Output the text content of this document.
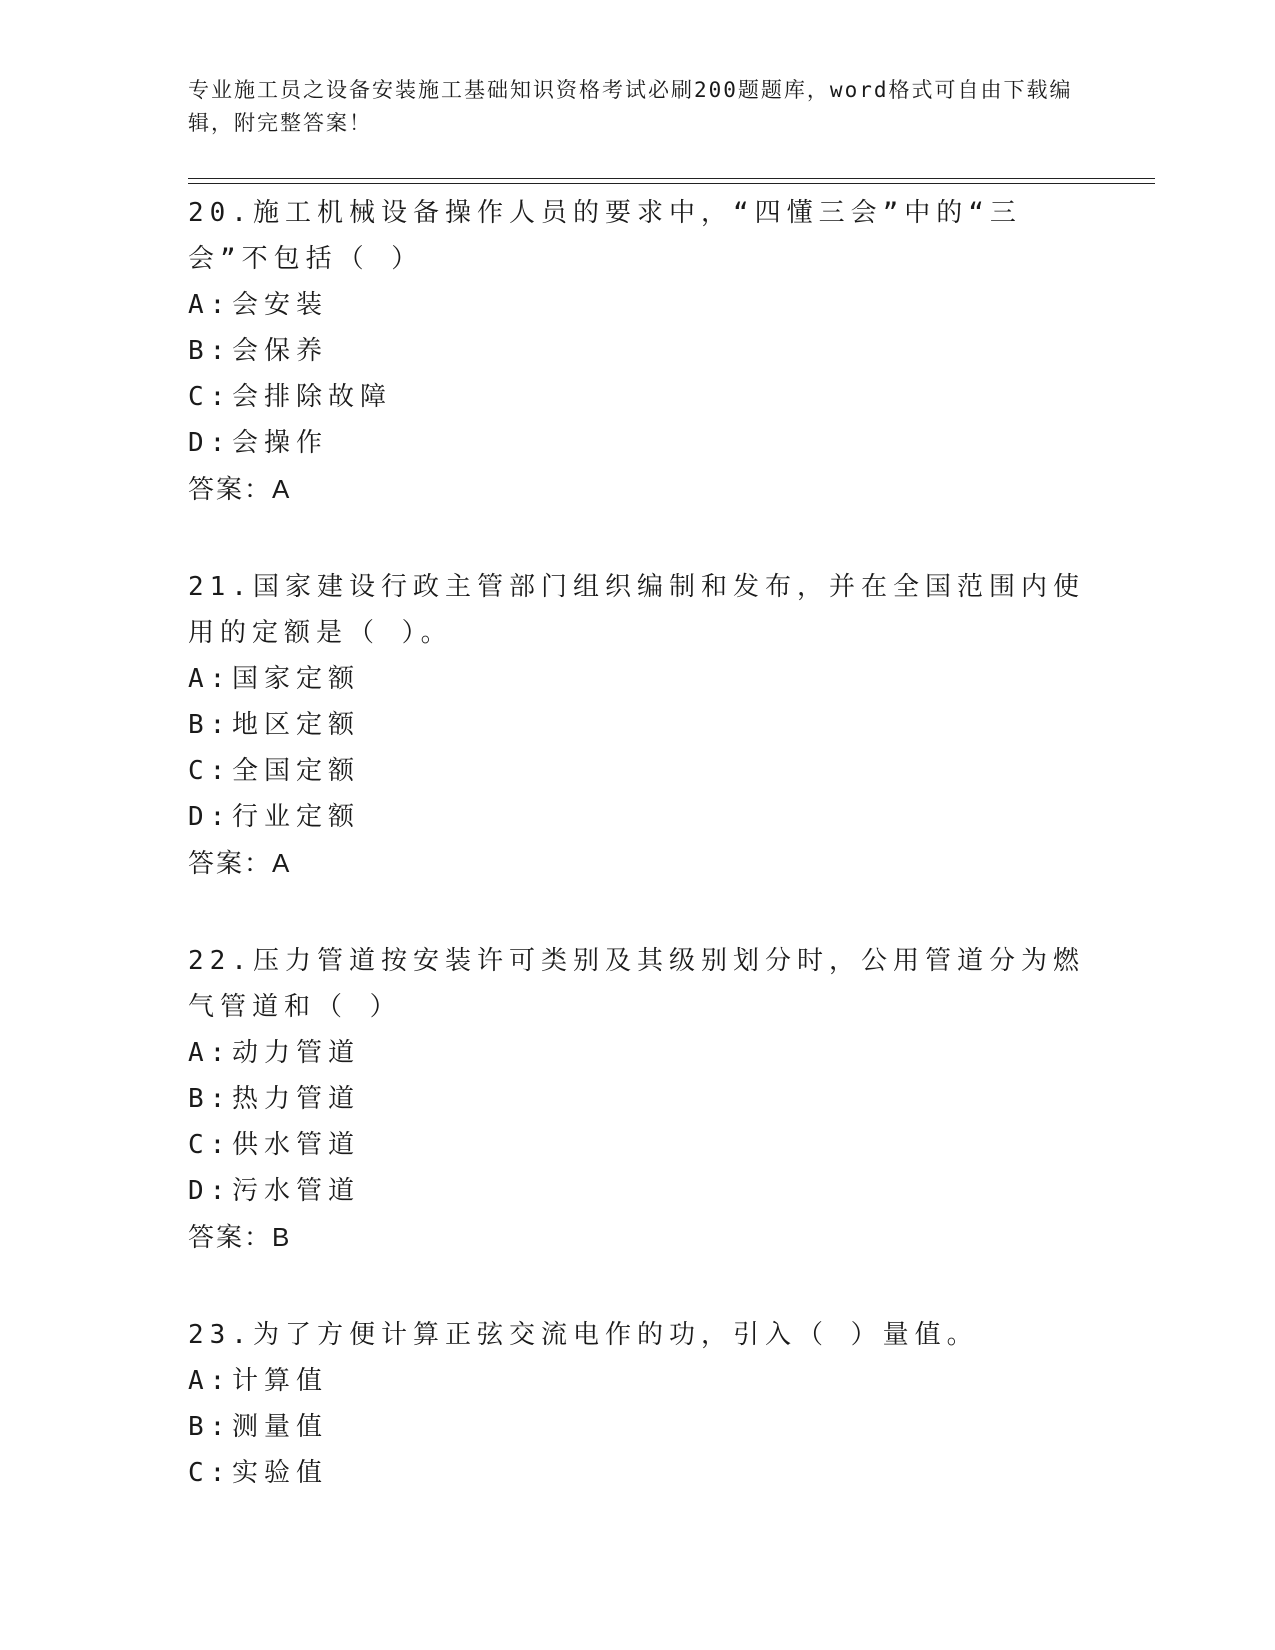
专业施工员之设备安装施工基础知识资格考试必刷200题题库，word格式可自由下载编辑，附完整答案！
20.施工机械设备操作人员的要求中，“四懂三会”中的“三会”不包括（ ）
A: 会安装
B: 会保养
C: 会排除故障
D: 会操作
答案：A
21.国家建设行政主管部门组织编制和发布，并在全国范围内使用的定额是（ ）。
A: 国家定额
B: 地区定额
C: 全国定额
D: 行业定额
答案：A
22.压力管道按安装许可类别及其级别划分时，公用管道分为燃气管道和（ ）
A: 动力管道
B: 热力管道
C: 供水管道
D: 污水管道
答案：B
23.为了方便计算正弦交流电作的功，引入（ ）量值。
A: 计算值
B: 测量值
C: 实验值
